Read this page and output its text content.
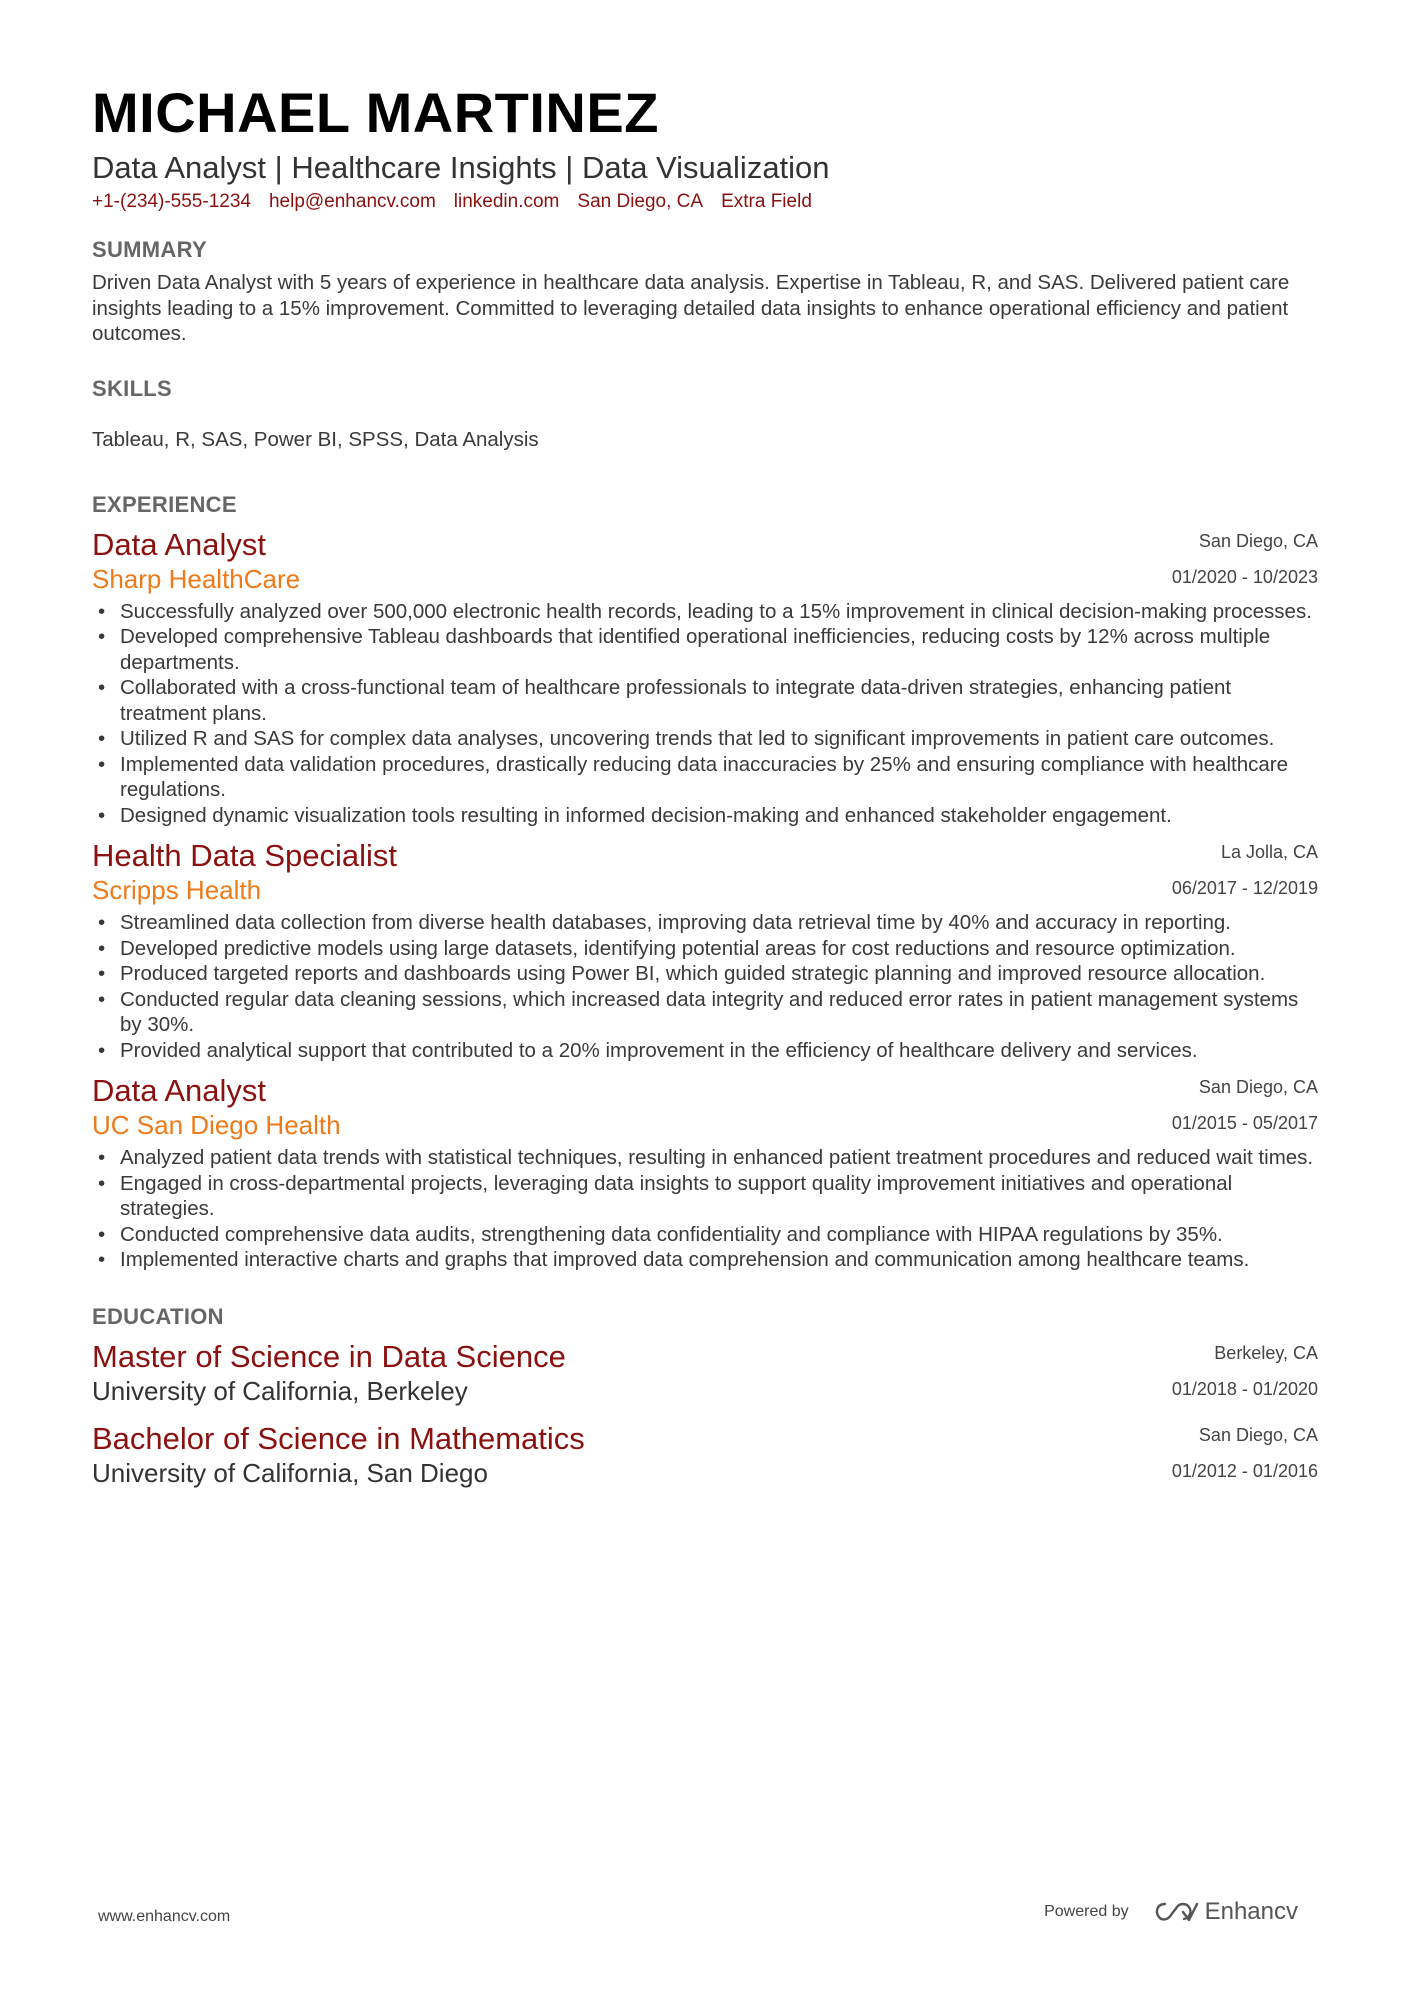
MICHAEL MARTINEZ
Data Analyst | Healthcare Insights | Data Visualization
+1-(234)-555-1234 help@enhancv.com linkedin.com San Diego, CA Extra Field
SUMMARY
Driven Data Analyst with 5 years of experience in healthcare data analysis. Expertise in Tableau, R, and SAS. Delivered patient care insights leading to a 15% improvement. Committed to leveraging detailed data insights to enhance operational efficiency and patient outcomes.
SKILLS
Tableau, R, SAS, Power BI, SPSS, Data Analysis
EXPERIENCE
Data Analyst
Sharp HealthCare
San Diego, CA
01/2020 - 10/2023
• Successfully analyzed over 500,000 electronic health records, leading to a 15% improvement in clinical decision-making processes.
• Developed comprehensive Tableau dashboards that identified operational inefficiencies, reducing costs by 12% across multiple departments.
• Collaborated with a cross-functional team of healthcare professionals to integrate data-driven strategies, enhancing patient treatment plans.
• Utilized R and SAS for complex data analyses, uncovering trends that led to significant improvements in patient care outcomes.
• Implemented data validation procedures, drastically reducing data inaccuracies by 25% and ensuring compliance with healthcare regulations.
• Designed dynamic visualization tools resulting in informed decision-making and enhanced stakeholder engagement.
Health Data Specialist
Scripps Health
La Jolla, CA
06/2017 - 12/2019
• Streamlined data collection from diverse health databases, improving data retrieval time by 40% and accuracy in reporting.
• Developed predictive models using large datasets, identifying potential areas for cost reductions and resource optimization.
• Produced targeted reports and dashboards using Power BI, which guided strategic planning and improved resource allocation.
• Conducted regular data cleaning sessions, which increased data integrity and reduced error rates in patient management systems by 30%.
• Provided analytical support that contributed to a 20% improvement in the efficiency of healthcare delivery and services.
Data Analyst
UC San Diego Health
San Diego, CA
01/2015 - 05/2017
• Analyzed patient data trends with statistical techniques, resulting in enhanced patient treatment procedures and reduced wait times.
• Engaged in cross-departmental projects, leveraging data insights to support quality improvement initiatives and operational strategies.
• Conducted comprehensive data audits, strengthening data confidentiality and compliance with HIPAA regulations by 35%.
• Implemented interactive charts and graphs that improved data comprehension and communication among healthcare teams.
EDUCATION
Master of Science in Data Science
University of California, Berkeley
Berkeley, CA
01/2018 - 01/2020
Bachelor of Science in Mathematics
University of California, San Diego
San Diego, CA
01/2012 - 01/2016
www.enhancv.com	Powered by	Enhancv
